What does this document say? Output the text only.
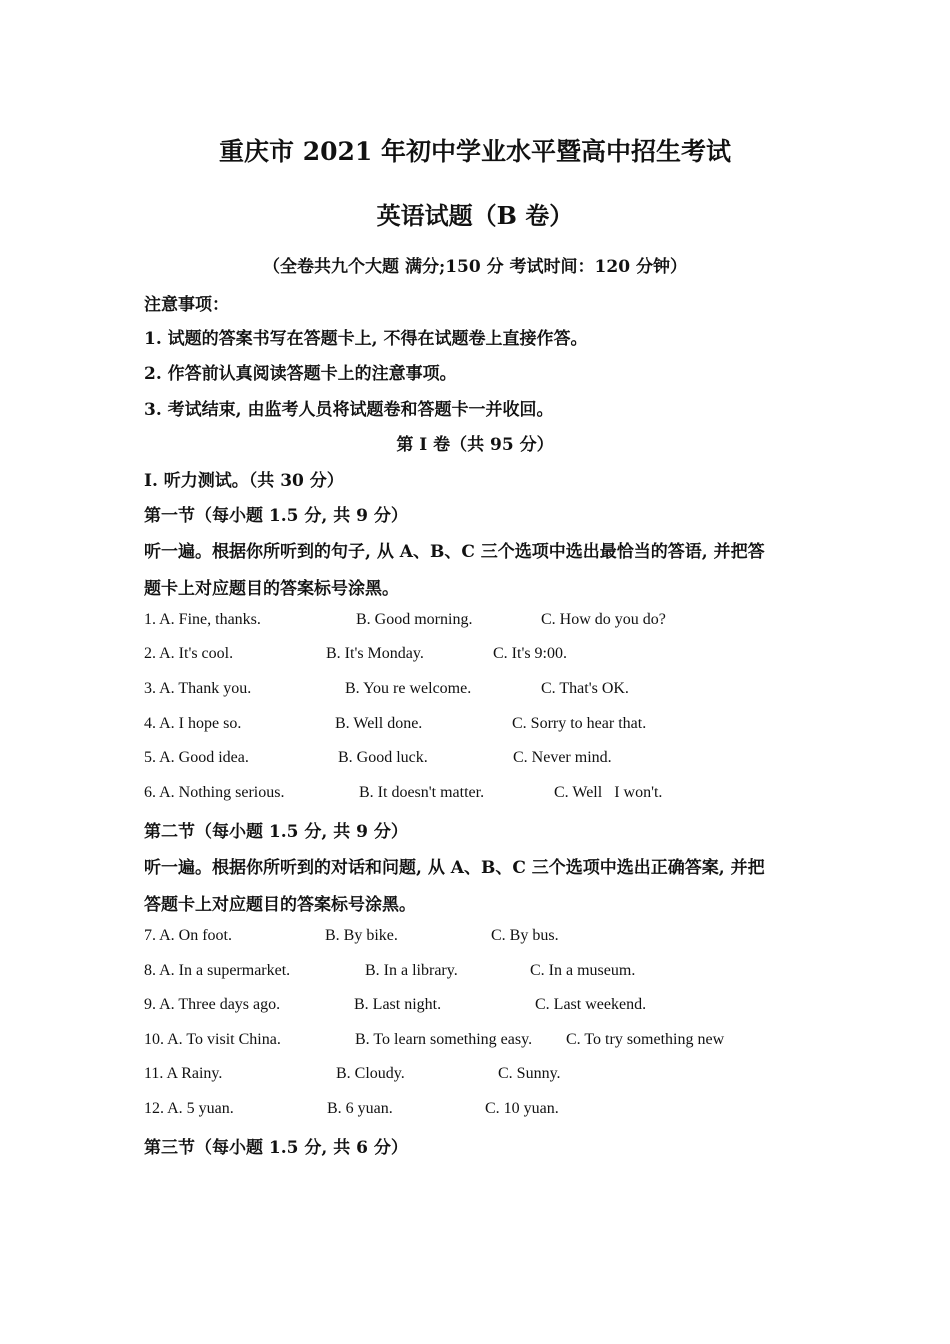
重庆市 2021 年初中学业水平暨高中招生考试
英语试题（B 卷）
（全卷共九个大题 满分;150 分 考试时间：120 分钟）
注意事项：
1. 试题的答案书写在答题卡上, 不得在试题卷上直接作答。
2. 作答前认真阅读答题卡上的注意事项。
3. 考试结束, 由监考人员将试题卷和答题卡一并收回。
第 I 卷（共 95 分）
I. 听力测试。（共 30 分）
第一节（每小题 1.5 分, 共 9 分）
听一遍。根据你所听到的句子, 从 A、B、C 三个选项中选出最恰当的答语, 并把答
题卡上对应题目的答案标号涂黑。
1. A. Fine, thanks.	B. Good morning.	C. How do you do?
2. A. It's cool.	B. It's Monday.	C. It's 9:00.
3. A. Thank you.	B. You re welcome.	C. That's OK.
4. A. I hope so.	B. Well done.	C. Sorry to hear that.
5. A. Good idea.	B. Good luck.	C. Never mind.
6. A. Nothing serious.	B. It doesn't matter.	C. Well   I won't.
第二节（每小题 1.5 分, 共 9 分）
听一遍。根据你所听到的对话和问题, 从 A、B、C 三个选项中选出正确答案, 并把
答题卡上对应题目的答案标号涂黑。
7. A. On foot.	B. By bike.	C. By bus.
8. A. In a supermarket.	B. In a library.	C. In a museum.
9. A. Three days ago.	B. Last night.	C. Last weekend.
10. A. To visit China.	B. To learn something easy. C. To try something new
11. A Rainy.	B. Cloudy.	C. Sunny.
12. A. 5 yuan.	B. 6 yuan.	C. 10 yuan.
第三节（每小题 1.5 分, 共 6 分）
